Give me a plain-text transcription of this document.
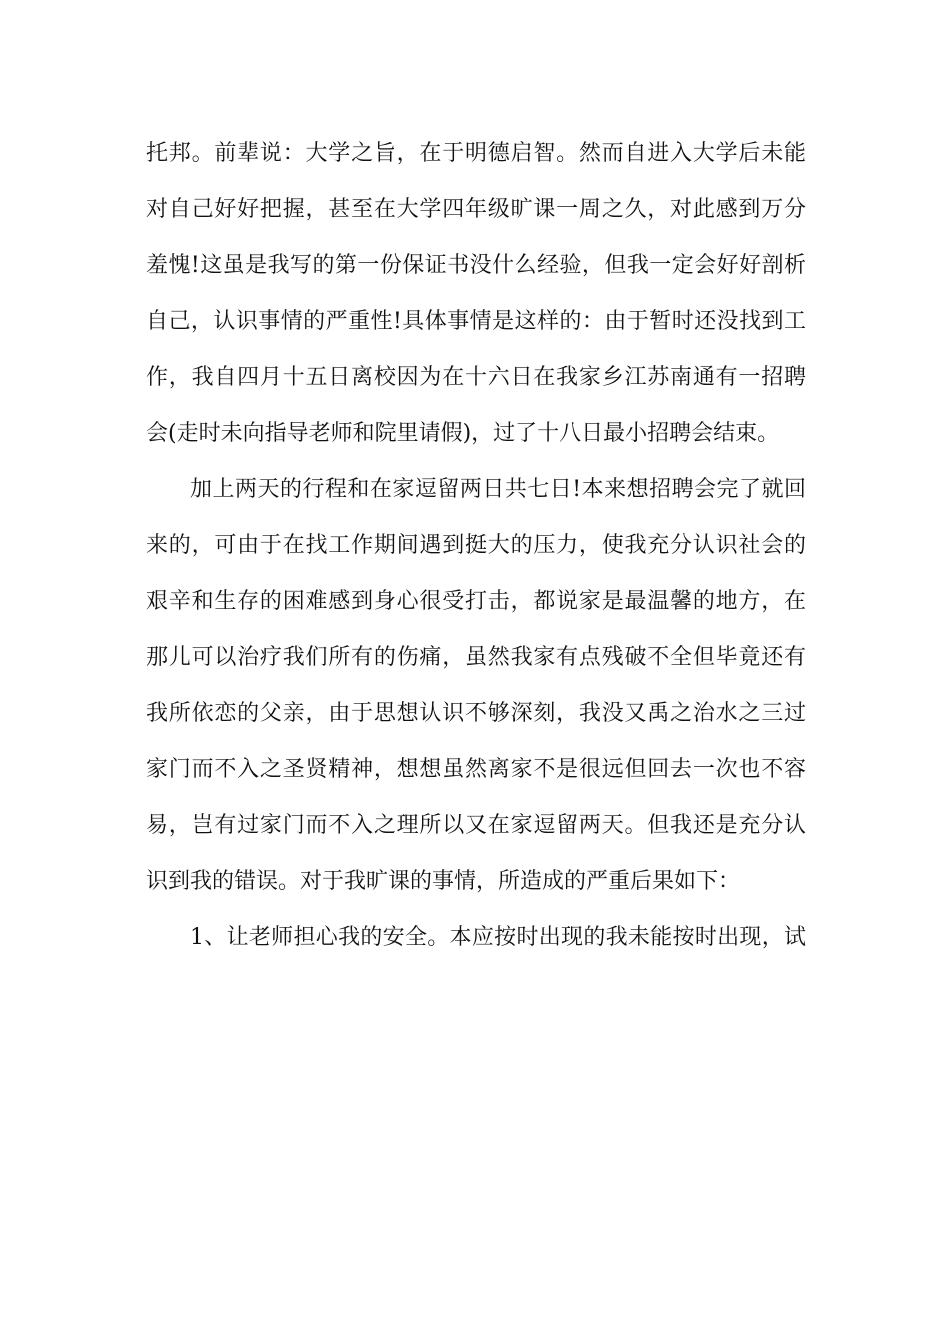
托邦。前辈说：大学之旨，在于明德启智。然而自进入大学后未能
对自己好好把握，甚至在大学四年级旷课一周之久，对此感到万分
羞愧!这虽是我写的第一份保证书没什么经验，但我一定会好好剖析
自己，认识事情的严重性!具体事情是这样的：由于暂时还没找到工
作，我自四月十五日离校因为在十六日在我家乡江苏南通有一招聘
会(走时未向指导老师和院里请假)，过了十八日最小招聘会结束。
加上两天的行程和在家逗留两日共七日!本来想招聘会完了就回
来的，可由于在找工作期间遇到挺大的压力，使我充分认识社会的
艰辛和生存的困难感到身心很受打击，都说家是最温馨的地方，在
那儿可以治疗我们所有的伤痛，虽然我家有点残破不全但毕竟还有
我所依恋的父亲，由于思想认识不够深刻，我没又禹之治水之三过
家门而不入之圣贤精神，想想虽然离家不是很远但回去一次也不容
易，岂有过家门而不入之理所以又在家逗留两天。但我还是充分认
识到我的错误。对于我旷课的事情，所造成的严重后果如下：
1、让老师担心我的安全。本应按时出现的我未能按时出现，试
